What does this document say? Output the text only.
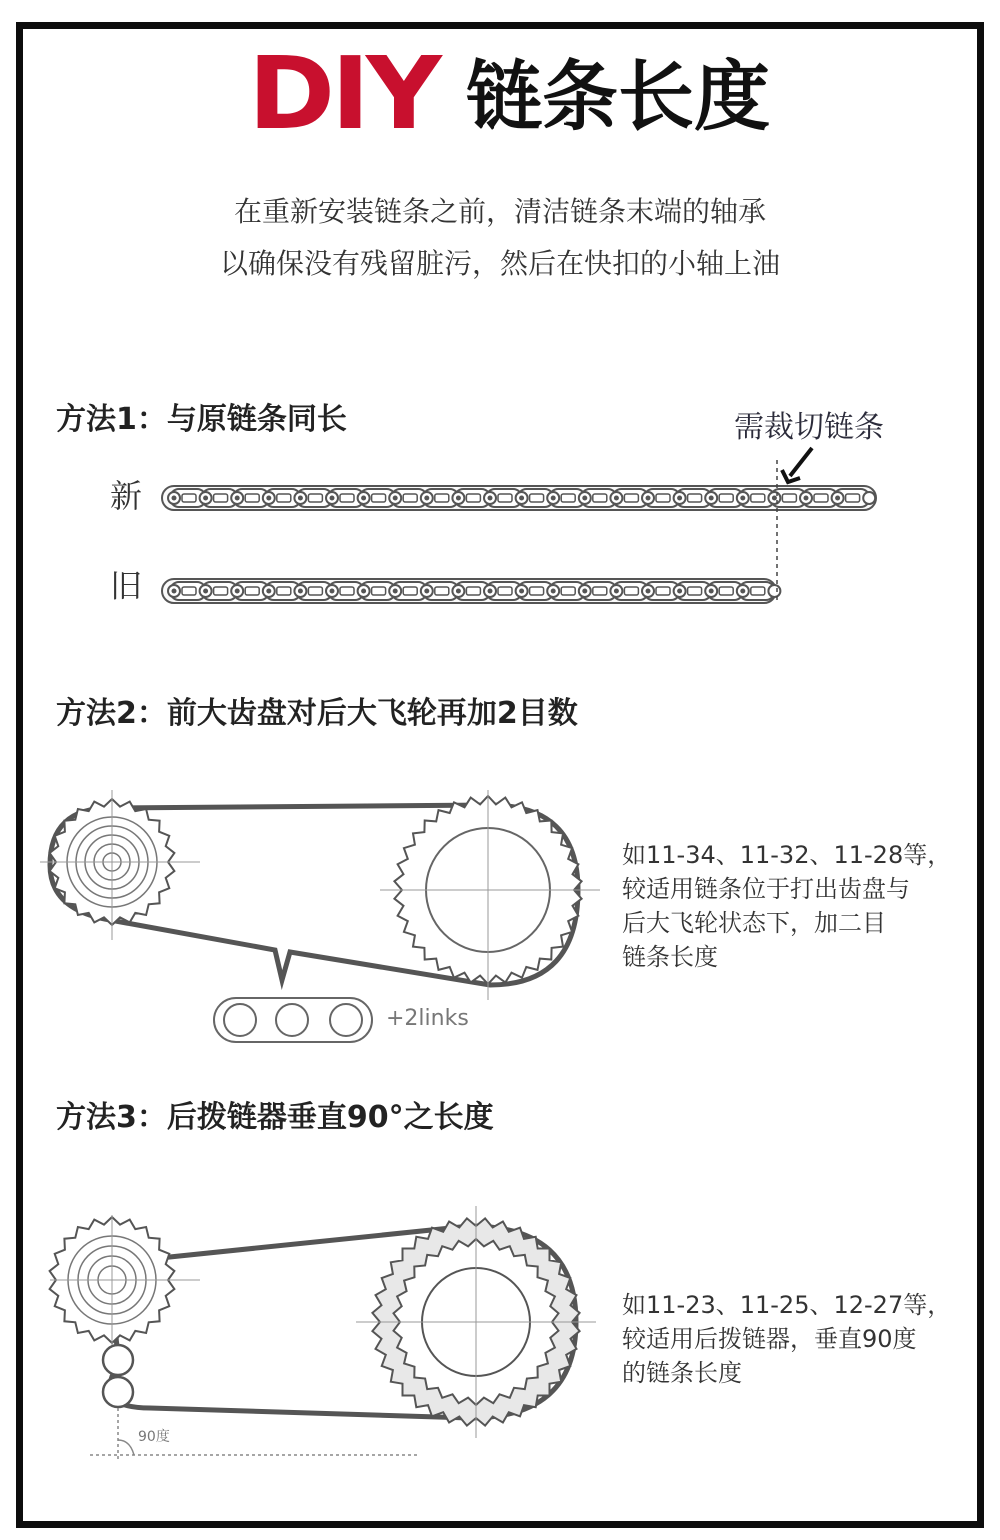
DIY 链条长度
在重新安装链条之前，清洁链条末端的轴承
以确保没有残留脏污，然后在快扣的小轴上油
方法1：与原链条同长	需裁切链条
新
旧
+2links
方法2：前大齿盘对后大飞轮再加2目数
如11-34、11-32、11-28等，
较适用链条位于打出齿盘与
后大飞轮状态下，加二目
链条长度
方法3：后拨链器垂直90°之长度
如11-23、11-25、12-27等，
较适用后拨链器，垂直90度
的链条长度
90度
